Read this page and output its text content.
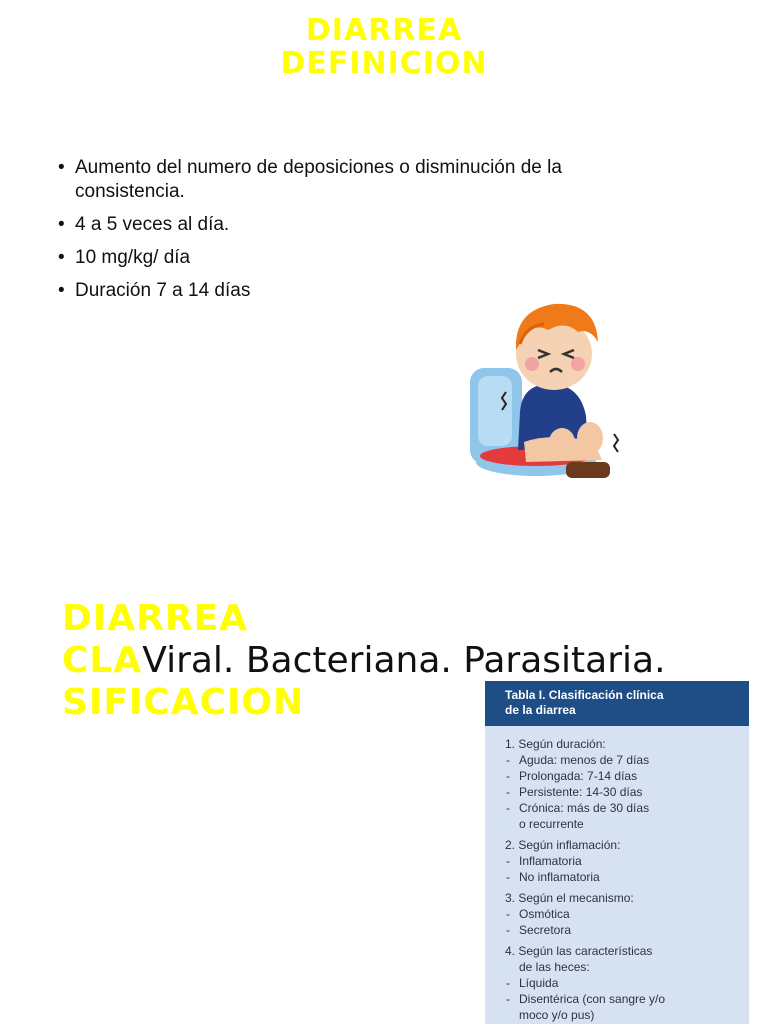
DIARREA
DEFINICION
• Aumento del numero de deposiciones o disminución de la consistencia.
• 4 a 5 veces al día.
• 10 mg/kg/ día
• Duración 7 a 14 días
DIARREA
CLAViral. Bacteriana. Parasitaria.
SIFICACION	Tabla I. Clasificación clínica
de la diarrea
1. Según duración:
- Aguda: menos de 7 días
- Prolongada: 7-14 días
- Persistente: 14-30 días
- Crónica: más de 30 días
o recurrente
2. Según inflamación:
- Inflamatoria
- No inflamatoria
3. Según el mecanismo:
- Osmótica
- Secretora
4. Según las características
de las heces:
- Líquida
- Disentérica (con sangre y/o
moco y/o pus)
